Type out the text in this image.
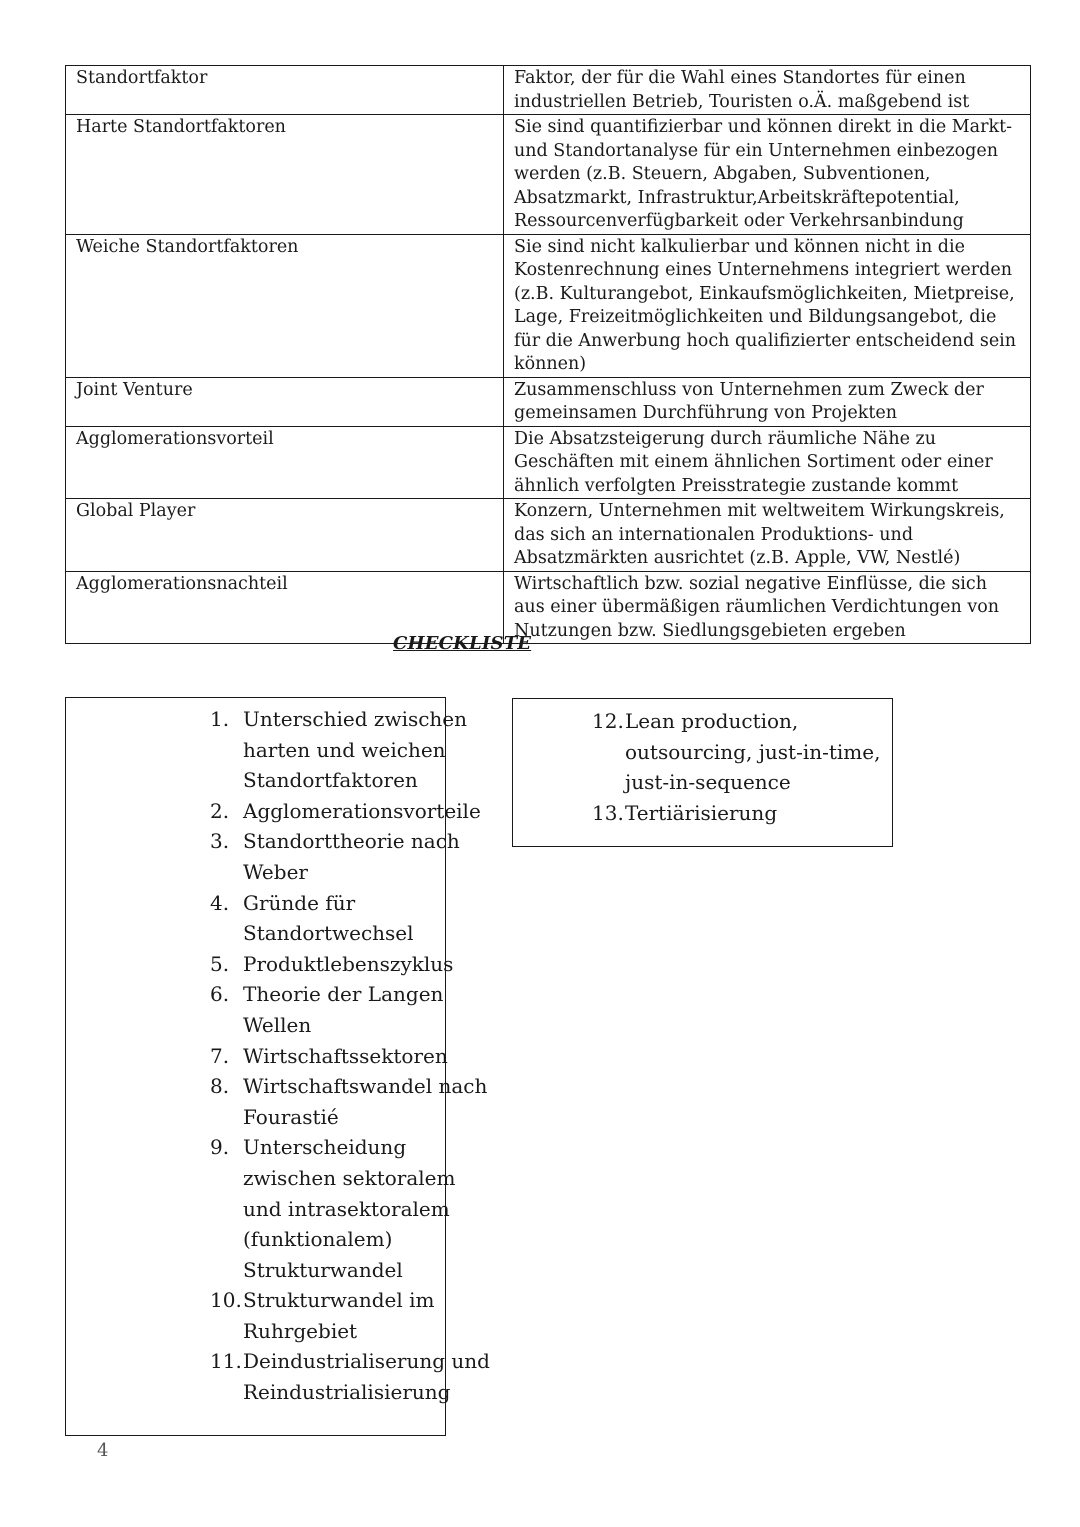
Standortfaktor	Faktor, der für die Wahl eines Standortes für einen industriellen Betrieb, Touristen o.Ä. maßgebend ist
Harte Standortfaktoren	Sie sind quantifizierbar und können direkt in die Markt- und Standortanalyse für ein Unternehmen einbezogen werden (z.B. Steuern, Abgaben, Subventionen, Absatzmarkt, Infrastruktur,Arbeitskräftepotential, Ressourcenverfügbarkeit oder Verkehrsanbindung
Weiche Standortfaktoren	Sie sind nicht kalkulierbar und können nicht in die Kostenrechnung eines Unternehmens integriert werden (z.B. Kulturangebot, Einkaufsmöglichkeiten, Mietpreise, Lage, Freizeitmöglichkeiten und Bildungsangebot, die für die Anwerbung hoch qualifizierter entscheidend sein können)
Joint Venture	Zusammenschluss von Unternehmen zum Zweck der gemeinsamen Durchführung von Projekten
Agglomerationsvorteil	Die Absatzsteigerung durch räumliche Nähe zu Geschäften mit einem ähnlichen Sortiment oder einer ähnlich verfolgten Preisstrategie zustande kommt
Global Player	Konzern, Unternehmen mit weltweitem Wirkungskreis, das sich an internationalen Produktions- und Absatzmärkten ausrichtet (z.B. Apple, VW, Nestlé)
Agglomerationsnachteil	Wirtschaftlich bzw. sozial negative Einflüsse, die sich aus einer übermäßigen räumlichen Verdichtungen von Nutzungen bzw. Siedlungsgebieten ergeben
CHECKLISTE
1. Unterschied zwischen harten und weichen Standortfaktoren
2. Agglomerationsvorteile
3. Standorttheorie nach Weber
4. Gründe für Standortwechsel
5. Produktlebenszyklus
6. Theorie der Langen Wellen
7. Wirtschaftssektoren
8. Wirtschaftswandel nach Fourastié
9. Unterscheidung zwischen sektoralem und intrasektoralem (funktionalem) Strukturwandel
10. Strukturwandel im Ruhrgebiet
11. Deindustrialiserung und Reindustrialisierung
12. Lean production, outsourcing, just-in-time, just-in-sequence
13. Tertiärisierung
4
